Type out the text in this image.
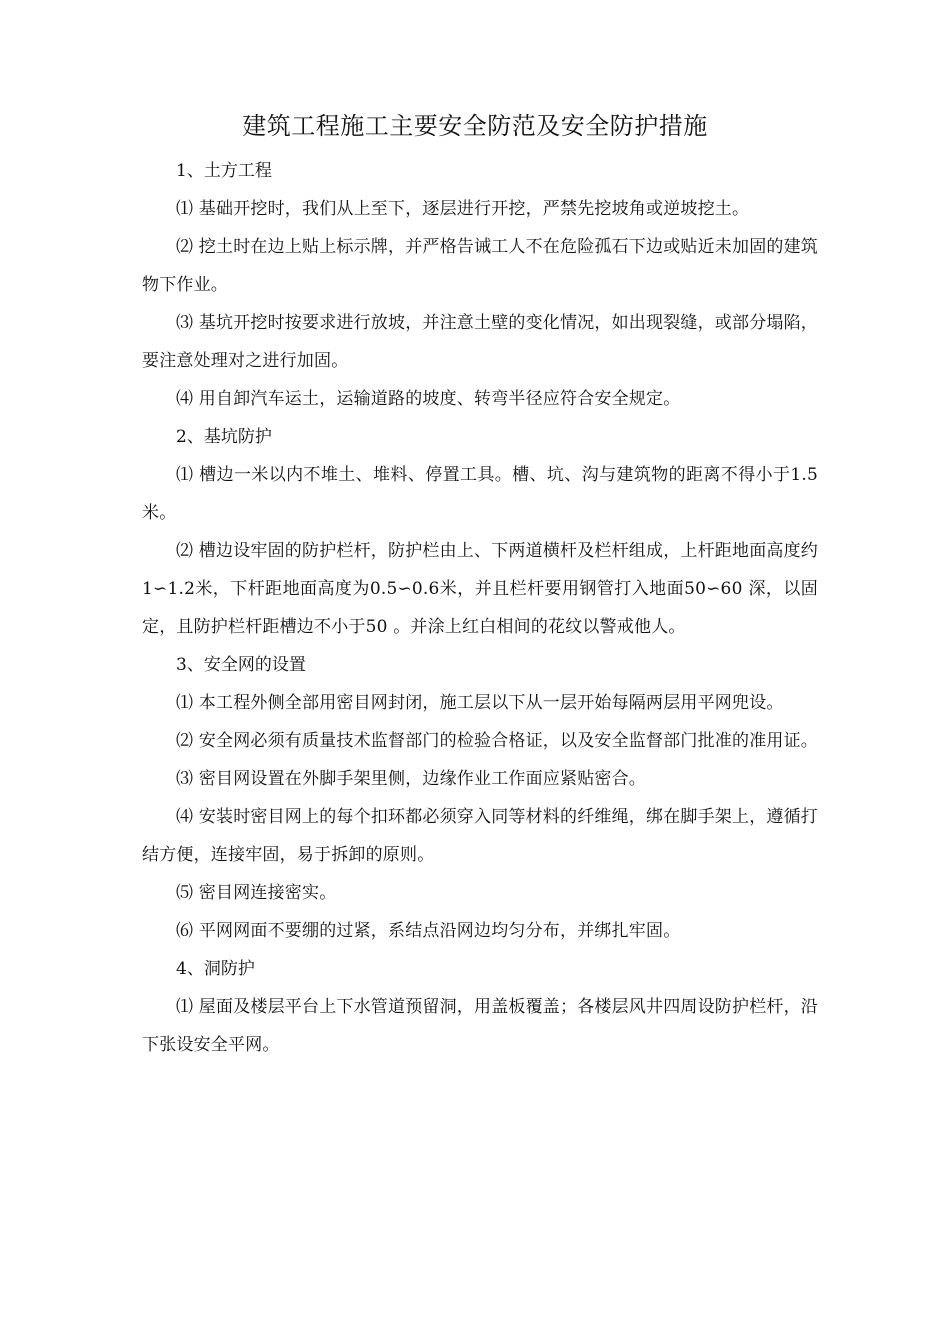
建筑工程施工主要安全防范及安全防护措施

1、土方工程

⑴ 基础开挖时，我们从上至下，逐层进行开挖，严禁先挖坡角或逆坡挖土。

⑵ 挖土时在边上贴上标示牌，并严格告诫工人不在危险孤石下边或贴近未加固的建筑物下作业。

⑶ 基坑开挖时按要求进行放坡，并注意土壁的变化情况，如出现裂缝，或部分塌陷，要注意处理对之进行加固。

⑷ 用自卸汽车运土，运输道路的坡度、转弯半径应符合安全规定。

2、基坑防护

⑴ 槽边一米以内不堆土、堆料、停置工具。槽、坑、沟与建筑物的距离不得小于1.5米。

⑵ 槽边设牢固的防护栏杆，防护栏由上、下两道横杆及栏杆组成，上杆距地面高度约1∽1.2米，下杆距地面高度为0.5∽0.6米，并且栏杆要用钢管打入地面50∽60 深，以固定，且防护栏杆距槽边不小于50 。并涂上红白相间的花纹以警戒他人。

3、安全网的设置

⑴ 本工程外侧全部用密目网封闭，施工层以下从一层开始每隔两层用平网兜设。

⑵ 安全网必须有质量技术监督部门的检验合格证，以及安全监督部门批准的准用证。

⑶ 密目网设置在外脚手架里侧，边缘作业工作面应紧贴密合。

⑷ 安装时密目网上的每个扣环都必须穿入同等材料的纤维绳，绑在脚手架上，遵循打结方便，连接牢固，易于拆卸的原则。

⑸ 密目网连接密实。

⑹ 平网网面不要绷的过紧，系结点沿网边均匀分布，并绑扎牢固。

4、洞防护

⑴ 屋面及楼层平台上下水管道预留洞，用盖板覆盖；各楼层风井四周设防护栏杆，沿下张设安全平网。
